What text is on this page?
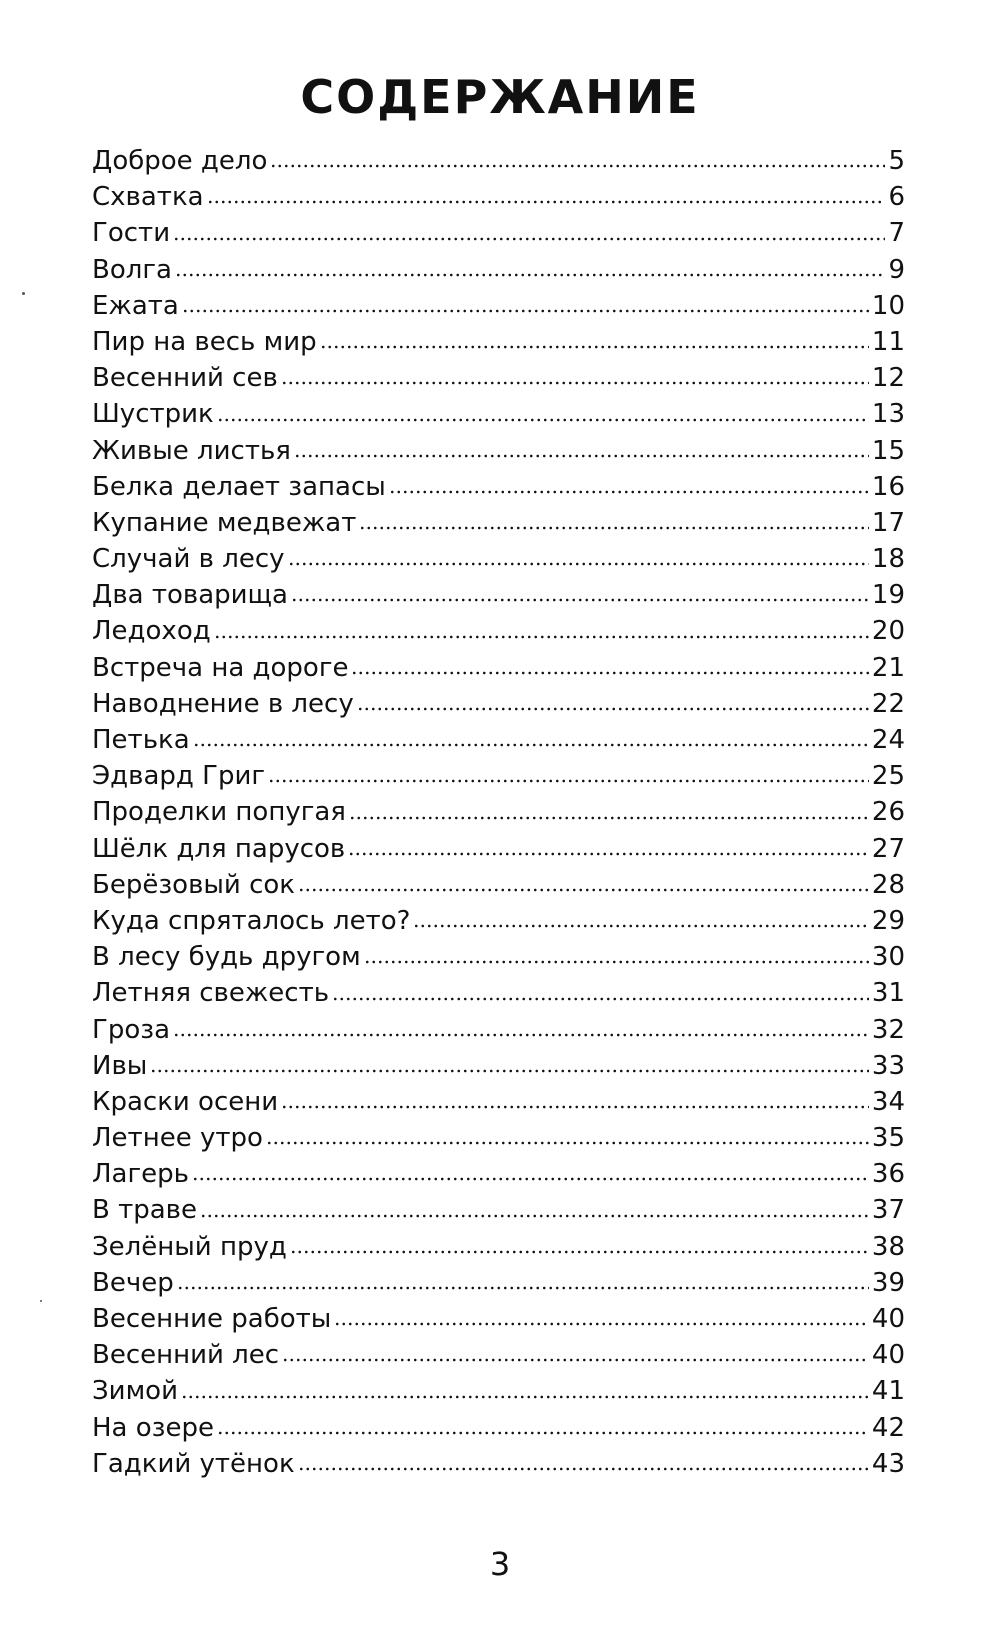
СОДЕРЖАНИЕ
Доброе дело	5
Схватка	6
Гости	7
Волга	9
Ежата	10
Пир на весь мир	11
Весенний сев	12
Шустрик	13
Живые листья	15
Белка делает запасы	16
Купание медвежат	17
Случай в лесу	18
Два товарища	19
Ледоход	20
Встреча на дороге	21
Наводнение в лесу	22
Петька	24
Эдвард Григ	25
Проделки попугая	26
Шёлк для парусов	27
Берёзовый сок	28
Куда спряталось лето?	29
В лесу будь другом	30
Летняя свежесть	31
Гроза	32
Ивы	33
Краски осени	34
Летнее утро	35
Лагерь	36
В траве	37
Зелёный пруд	38
Вечер	39
Весенние работы	40
Весенний лес	40
Зимой	41
На озере	42
Гадкий утёнок	43
3
